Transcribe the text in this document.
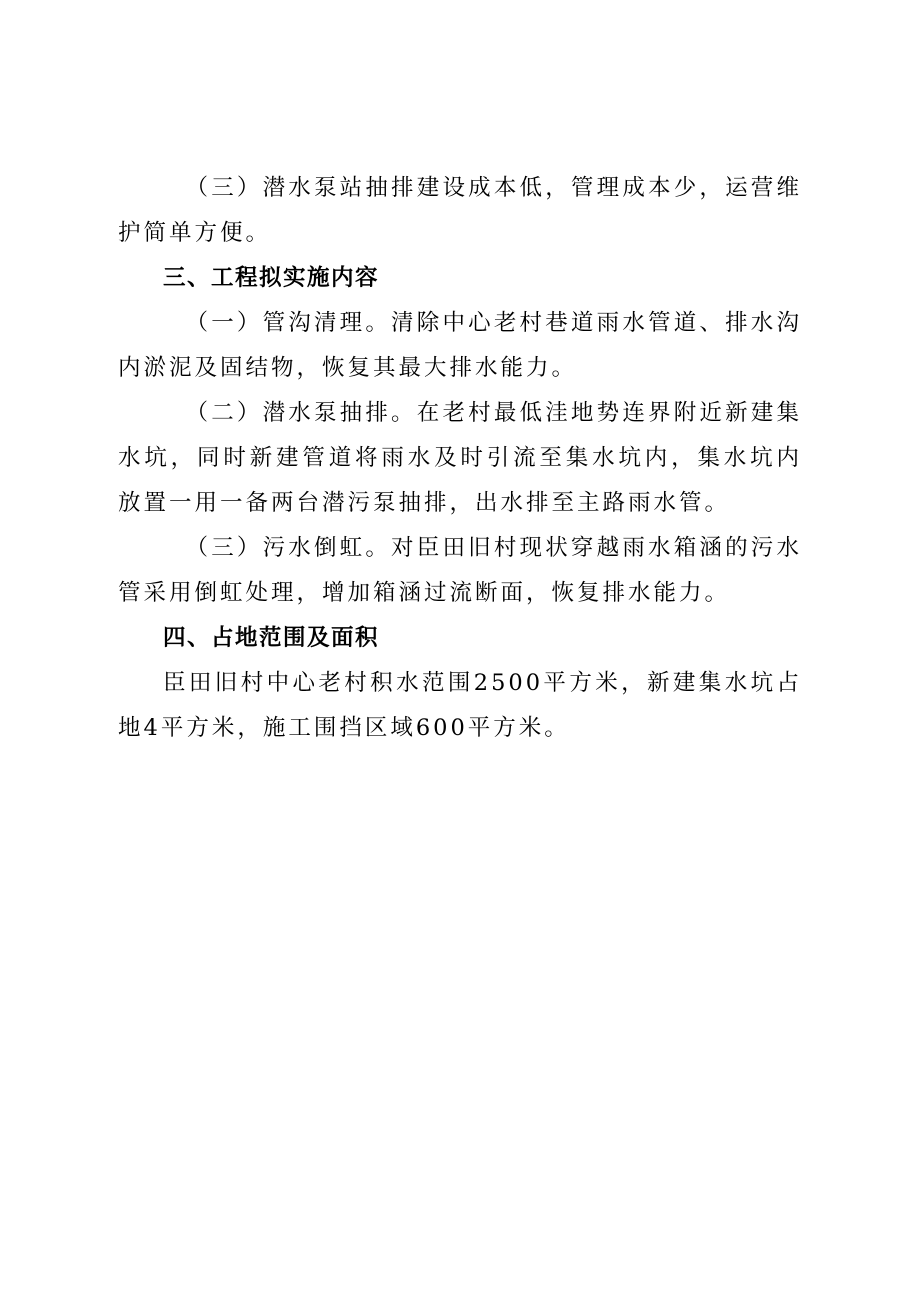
（三）潜水泵站抽排建设成本低，管理成本少，运营维护简单方便。

三、工程拟实施内容

（一）管沟清理。清除中心老村巷道雨水管道、排水沟内淤泥及固结物，恢复其最大排水能力。

（二）潜水泵抽排。在老村最低洼地势连界附近新建集水坑，同时新建管道将雨水及时引流至集水坑内，集水坑内放置一用一备两台潜污泵抽排，出水排至主路雨水管。

（三）污水倒虹。对臣田旧村现状穿越雨水箱涵的污水管采用倒虹处理，增加箱涵过流断面，恢复排水能力。

四、占地范围及面积

臣田旧村中心老村积水范围2500平方米，新建集水坑占地4平方米，施工围挡区域600平方米。
